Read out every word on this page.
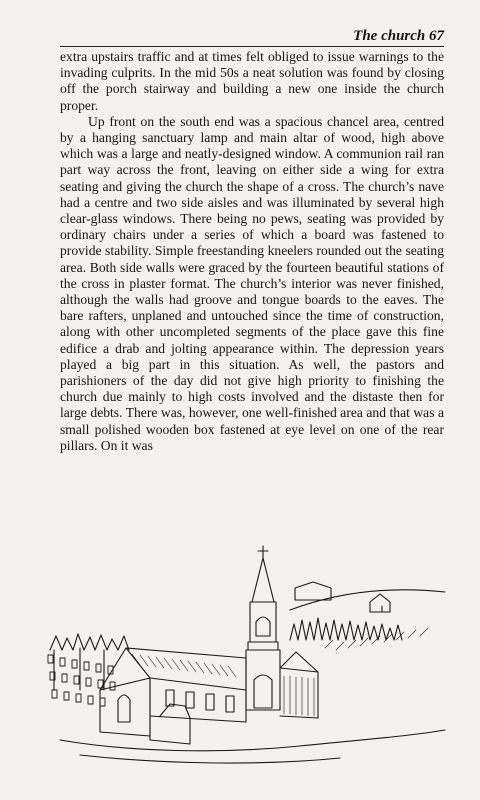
The church 67

extra upstairs traffic and at times felt obliged to issue warnings to the invading culprits. In the mid 50s a neat solution was found by closing off the porch stairway and building a new one inside the church proper.

Up front on the south end was a spacious chancel area, centred by a hanging sanctuary lamp and main altar of wood, high above which was a large and neatly-designed window. A communion rail ran part way across the front, leaving on either side a wing for extra seating and giving the church the shape of a cross. The church’s nave had a centre and two side aisles and was illuminated by several high clear-glass windows. There being no pews, seating was provided by ordinary chairs under a series of which a board was fastened to provide stability. Simple freestanding kneelers rounded out the seating area. Both side walls were graced by the fourteen beautiful stations of the cross in plaster format. The church’s interior was never finished, although the walls had groove and tongue boards to the eaves. The bare rafters, unplaned and untouched since the time of construction, along with other uncompleted segments of the place gave this fine edifice a drab and jolting appearance within. The depression years played a big part in this situation. As well, the pastors and parishioners of the day did not give high priority to finishing the church due mainly to high costs involved and the distaste then for large debts. There was, however, one well-finished area and that was a small polished wooden box fastened at eye level on one of the rear pillars. On it was
